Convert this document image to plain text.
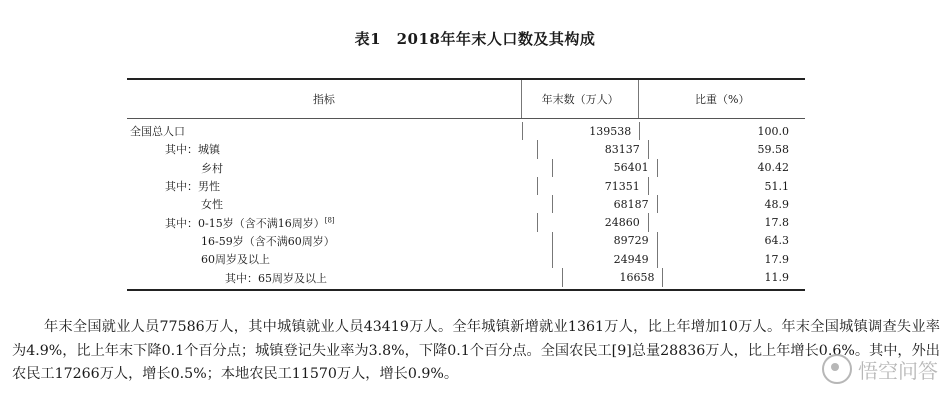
表1　2018年年末人口数及其构成
指标	年末数（万人）	比重（%）
全国总人口	139538	100.0
其中：城镇	83137	59.58
乡村	56401	40.42
其中：男性	71351	51.1
女性	68187	48.9
其中：0-15岁（含不满16周岁）[8]	24860	17.8
16-59岁（含不满60周岁）	89729	64.3
60周岁及以上	24949	17.9
其中：65周岁及以上	16658	11.9
年末全国就业人员77586万人，其中城镇就业人员43419万人。全年城镇新增就业1361万人，比上年增加10万人。年末全国城镇调查失业率为4.9%，比上年末下降0.1个百分点；城镇登记失业率为3.8%，下降0.1个百分点。全国农民工[9]总量28836万人，比上年增长0.6%。其中，外出农民工17266万人，增长0.5%；本地农民工11570万人，增长0.9%。	悟空问答
